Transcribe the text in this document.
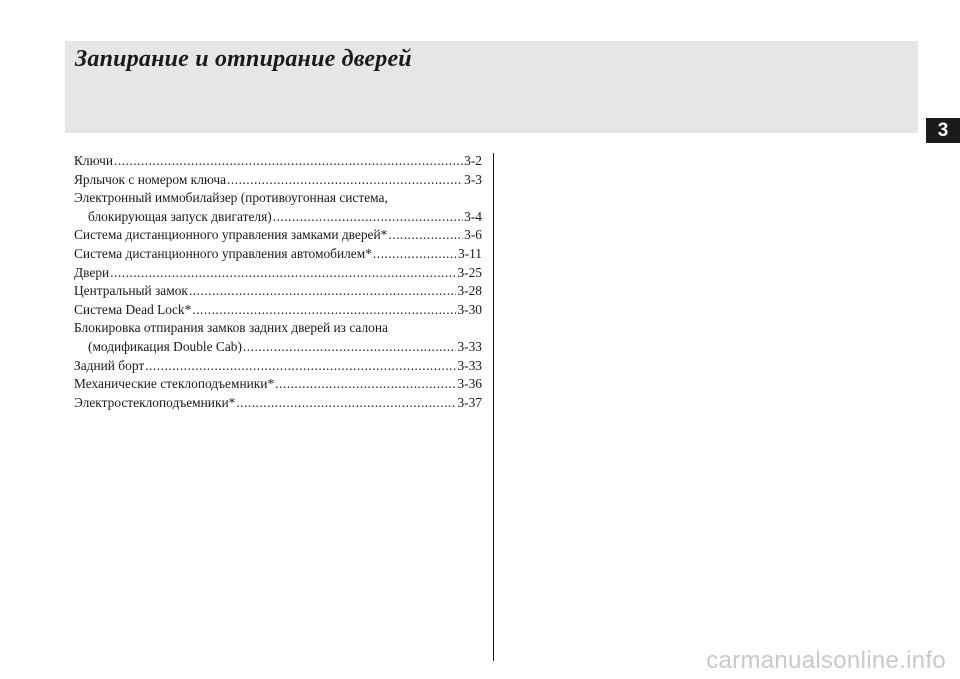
Запирание и отпирание дверей
3
Ключи .....	3-2
Ярлычок с номером ключа .....	3-3
Электронный иммобилайзер (противоугонная система,
блокирующая запуск двигателя) .....	3-4
Система дистанционного управления замками дверей* .....	3-6
Система дистанционного управления автомобилем* .....	3-11
Двери .....	3-25
Центральный замок .....	3-28
Система Dead Lock* .....	3-30
Блокировка отпирания замков задних дверей из салона
(модификация Double Cab) .....	3-33
Задний борт .....	3-33
Механические стеклоподъемники* .....	3-36
Электростеклоподъемники* .....	3-37
carmanualsonline.info
